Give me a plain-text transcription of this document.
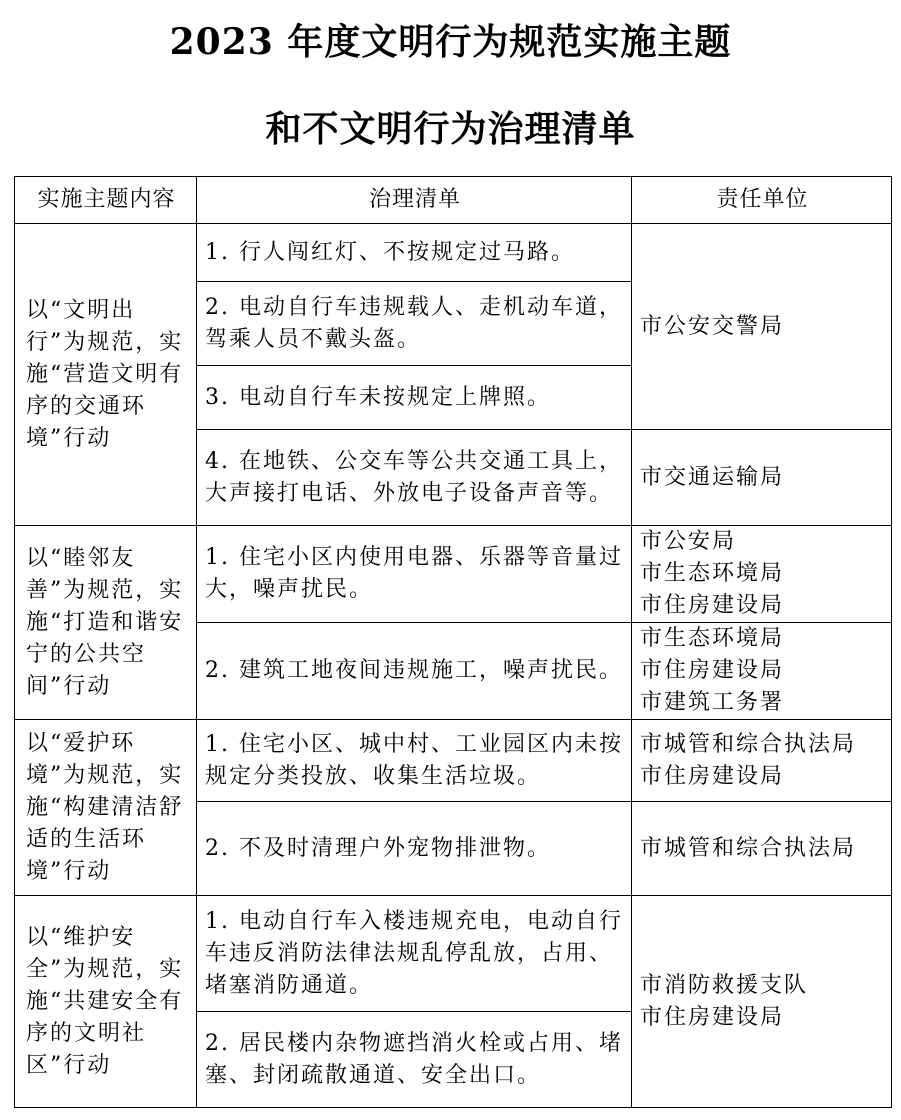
2023 年度文明行为规范实施主题
和不文明行为治理清单
实施主题内容	治理清单	责任单位
以“文明出行”为规范，实施“营造文明有序的交通环境”行动	1. 行人闯红灯、不按规定过马路。	市公安交警局

	2. 电动自行车违规载人、走机动车道，驾乘人员不戴头盔。	
	3. 电动自行车未按规定上牌照。	
	4. 在地铁、公交车等公共交通工具上，大声接打电话、外放电子设备声音等。	市交通运输局

以“睦邻友善”为规范，实施“打造和谐安宁的公共空间”行动	1. 住宅小区内使用电器、乐器等音量过大，噪声扰民。	市公安局
市生态环境局
市住房建设局

	2. 建筑工地夜间违规施工，噪声扰民。	市生态环境局
市住房建设局
市建筑工务署

以“爱护环境”为规范，实施“构建清洁舒适的生活环境”行动	1. 住宅小区、城中村、工业园区内未按规定分类投放、收集生活垃圾。	市城管和综合执法局
市住房建设局

	2. 不及时清理户外宠物排泄物。	市城管和综合执法局

以“维护安全”为规范，实施“共建安全有序的文明社区”行动	1. 电动自行车入楼违规充电，电动自行车违反消防法律法规乱停乱放，占用、堵塞消防通道。	市消防救援支队
市住房建设局

	2. 居民楼内杂物遮挡消火栓或占用、堵塞、封闭疏散通道、安全出口。	
